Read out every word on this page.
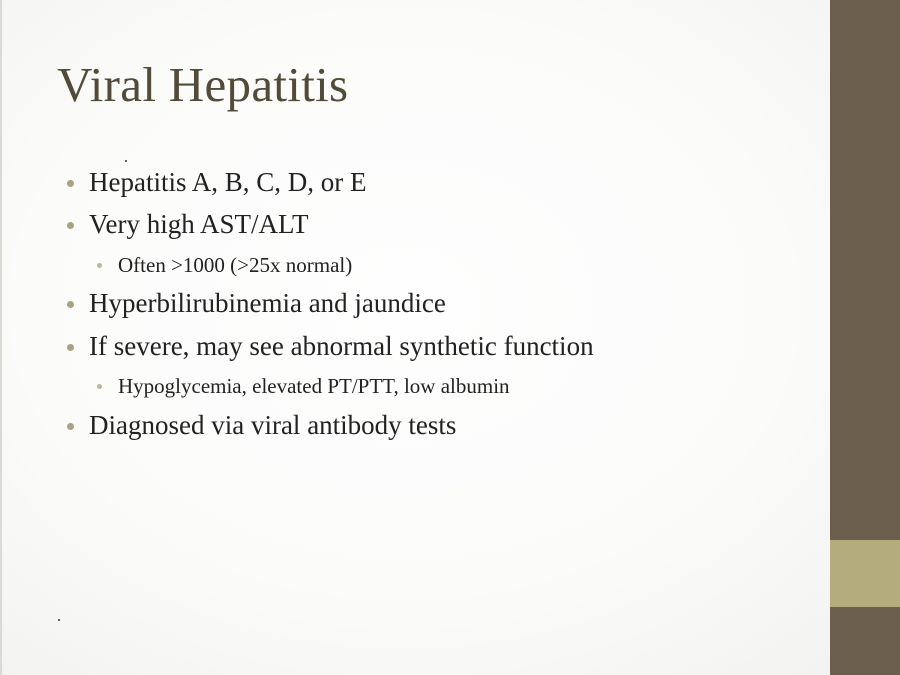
Viral Hepatitis
Hepatitis A, B, C, D, or E
Very high AST/ALT
Often >1000 (>25x normal)
Hyperbilirubinemia and jaundice
If severe, may see abnormal synthetic function
Hypoglycemia, elevated PT/PTT, low albumin
Diagnosed via viral antibody tests
